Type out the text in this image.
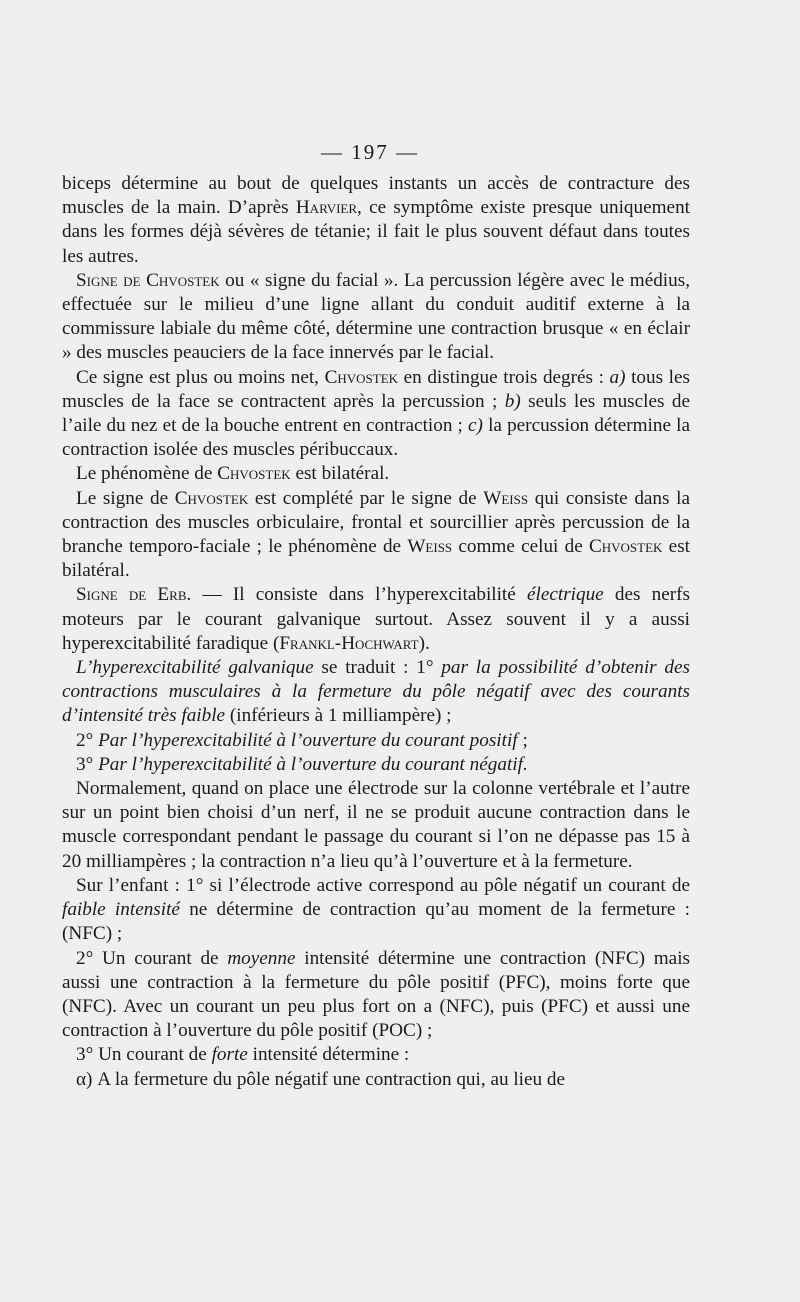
— 197 —

biceps détermine au bout de quelques instants un accès de contracture des muscles de la main. D’après Harvier, ce symptôme existe presque uniquement dans les formes déjà sévères de tétanie; il fait le plus souvent défaut dans toutes les autres.

Signe de Chvostek ou « signe du facial ». La percussion légère avec le médius, effectuée sur le milieu d’une ligne allant du conduit auditif externe à la commissure labiale du même côté, détermine une contraction brusque « en éclair » des muscles peauciers de la face innervés par le facial.

Ce signe est plus ou moins net, Chvostek en distingue trois degrés : a) tous les muscles de la face se contractent après la percussion ; b) seuls les muscles de l’aile du nez et de la bouche entrent en contraction ; c) la percussion détermine la contraction isolée des muscles péribuccaux.

Le phénomène de Chvostek est bilatéral.

Le signe de Chvostek est complété par le signe de Weiss qui consiste dans la contraction des muscles orbiculaire, frontal et sourcillier après percussion de la branche temporo-faciale ; le phénomène de Weiss comme celui de Chvostek est bilatéral.

Signe de Erb. — Il consiste dans l’hyperexcitabilité électrique des nerfs moteurs par le courant galvanique surtout. Assez souvent il y a aussi hyperexcitabilité faradique (Frankl-Hochwart).

L’hyperexcitabilité galvanique se traduit : 1° par la possibilité d’obtenir des contractions musculaires à la fermeture du pôle négatif avec des courants d’intensité très faible (inférieurs à 1 milliampère) ;

2° Par l’hyperexcitabilité à l’ouverture du courant positif ;

3° Par l’hyperexcitabilité à l’ouverture du courant négatif.

Normalement, quand on place une électrode sur la colonne vertébrale et l’autre sur un point bien choisi d’un nerf, il ne se produit aucune contraction dans le muscle correspondant pendant le passage du courant si l’on ne dépasse pas 15 à 20 milliampères ; la contraction n’a lieu qu’à l’ouverture et à la fermeture.

Sur l’enfant : 1° si l’électrode active correspond au pôle négatif un courant de faible intensité ne détermine de contraction qu’au moment de la fermeture : (NFC) ;

2° Un courant de moyenne intensité détermine une contraction (NFC) mais aussi une contraction à la fermeture du pôle positif (PFC), moins forte que (NFC). Avec un courant un peu plus fort on a (NFC), puis (PFC) et aussi une contraction à l’ouverture du pôle positif (POC) ;

3° Un courant de forte intensité détermine :

α) A la fermeture du pôle négatif une contraction qui, au lieu de
